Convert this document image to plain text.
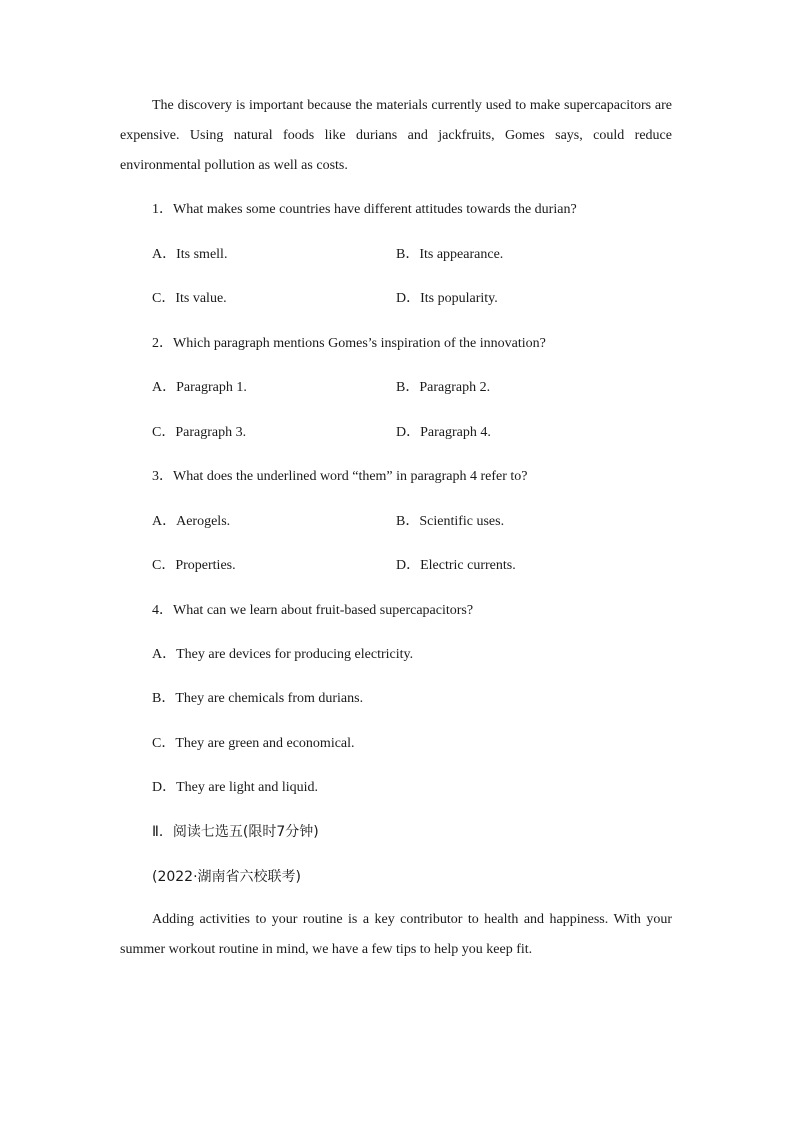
The discovery is important because the materials currently used to make supercapacitors are expensive. Using natural foods like durians and jackfruits, Gomes says, could reduce environmental pollution as well as costs.

1．What makes some countries have different attitudes towards the durian?
A．Its smell.	B．Its appearance.
C．Its value.	D．Its popularity.
2．Which paragraph mentions Gomes’s inspiration of the innovation?
A．Paragraph 1.	B．Paragraph 2.
C．Paragraph 3.	D．Paragraph 4.
3．What does the underlined word “them” in paragraph 4 refer to?
A．Aerogels.	B．Scientific uses.
C．Properties.	D．Electric currents.
4．What can we learn about fruit-based supercapacitors?
A．They are devices for producing electricity.
B．They are chemicals from durians.
C．They are green and economical.
D．They are light and liquid.
Ⅱ．阅读七选五(限时7分钟)
(2022·湖南省六校联考)

Adding activities to your routine is a key contributor to health and happiness. With your summer workout routine in mind, we have a few tips to help you keep fit.
